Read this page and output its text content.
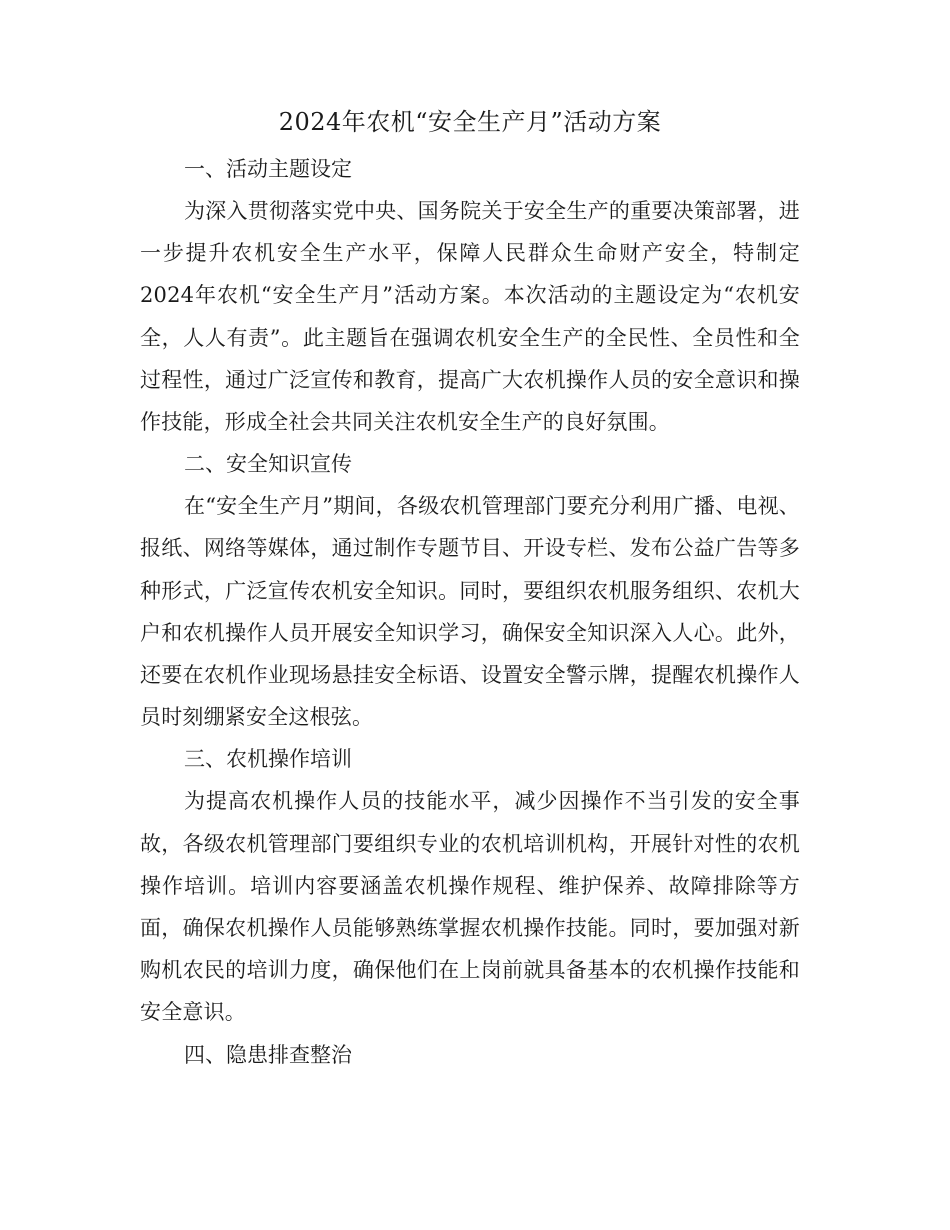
2024年农机“安全生产月”活动方案
一、活动主题设定

为深入贯彻落实党中央、国务院关于安全生产的重要决策部署，进一步提升农机安全生产水平，保障人民群众生命财产安全，特制定2024年农机“安全生产月”活动方案。本次活动的主题设定为“农机安全，人人有责”。此主题旨在强调农机安全生产的全民性、全员性和全过程性，通过广泛宣传和教育，提高广大农机操作人员的安全意识和操作技能，形成全社会共同关注农机安全生产的良好氛围。

二、安全知识宣传

在“安全生产月”期间，各级农机管理部门要充分利用广播、电视、报纸、网络等媒体，通过制作专题节目、开设专栏、发布公益广告等多种形式，广泛宣传农机安全知识。同时，要组织农机服务组织、农机大户和农机操作人员开展安全知识学习，确保安全知识深入人心。此外，还要在农机作业现场悬挂安全标语、设置安全警示牌，提醒农机操作人员时刻绷紧安全这根弦。

三、农机操作培训

为提高农机操作人员的技能水平，减少因操作不当引发的安全事故，各级农机管理部门要组织专业的农机培训机构，开展针对性的农机操作培训。培训内容要涵盖农机操作规程、维护保养、故障排除等方面，确保农机操作人员能够熟练掌握农机操作技能。同时，要加强对新购机农民的培训力度，确保他们在上岗前就具备基本的农机操作技能和安全意识。

四、隐患排查整治
